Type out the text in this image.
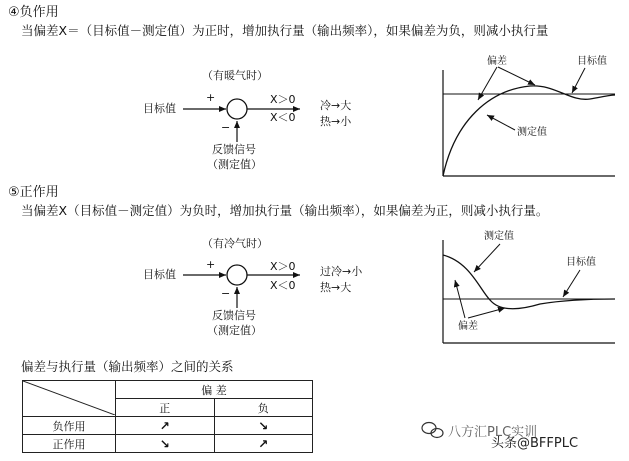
④负作用
当偏差X＝（目标值－测定值）为正时，增加执行量（输出频率），如果偏差为负，则减小执行量
（有暖气时）
目标值
+
−
X＞0
X＜0
冷→大
热→小
反馈信号
（测定值）
偏差	目标值
测定值
⑤正作用
当偏差X（目标值－测定值）为负时，增加执行量（输出频率），如果偏差为正，则减小执行量。
（有冷气时）
目标值
+
−
X＞0
X＜0
过冷→小
热→大
反馈信号
（测定值）
测定值
目标值
偏差
偏差与执行量（输出频率）之间的关系
	偏 差	
	正	负
负作用	↗	↘
正作用	↘	↗
八方汇PLC实训
头条@BFFPLC
